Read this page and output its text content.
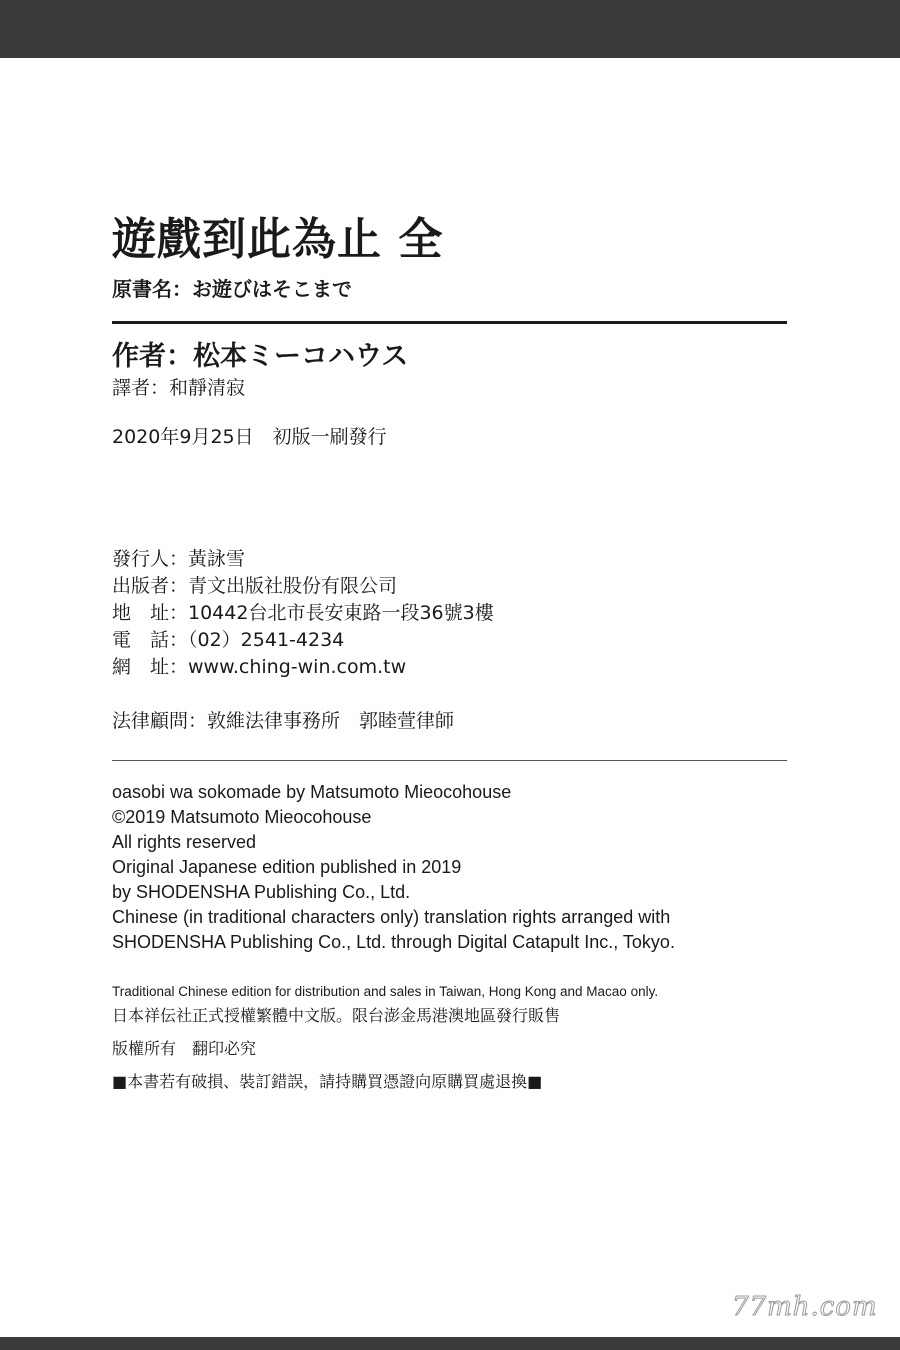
遊戲到此為止 全
原書名：お遊びはそこまで
作者：松本ミーコハウス
譯者：和靜清寂
2020年9月25日　初版一刷發行
發行人：黃詠雪
出版者：青文出版社股份有限公司
地　址：10442台北市長安東路一段36號3樓
電　話：（02）2541-4234
網　址：www.ching-win.com.tw
法律顧問：敦維法律事務所　郭睦萱律師
oasobi wa sokomade by Matsumoto Mieocohouse
©2019 Matsumoto Mieocohouse
All rights reserved
Original Japanese edition published in 2019
by SHODENSHA Publishing Co., Ltd.
Chinese (in traditional characters only) translation rights arranged with
SHODENSHA Publishing Co., Ltd. through Digital Catapult Inc., Tokyo.
Traditional Chinese edition for distribution and sales in Taiwan, Hong Kong and Macao only.
日本祥伝社正式授權繁體中文版。限台澎金馬港澳地區發行販售
版權所有　翻印必究
■本書若有破損、裝訂錯誤，請持購買憑證向原購買處退換■
77mh.com
